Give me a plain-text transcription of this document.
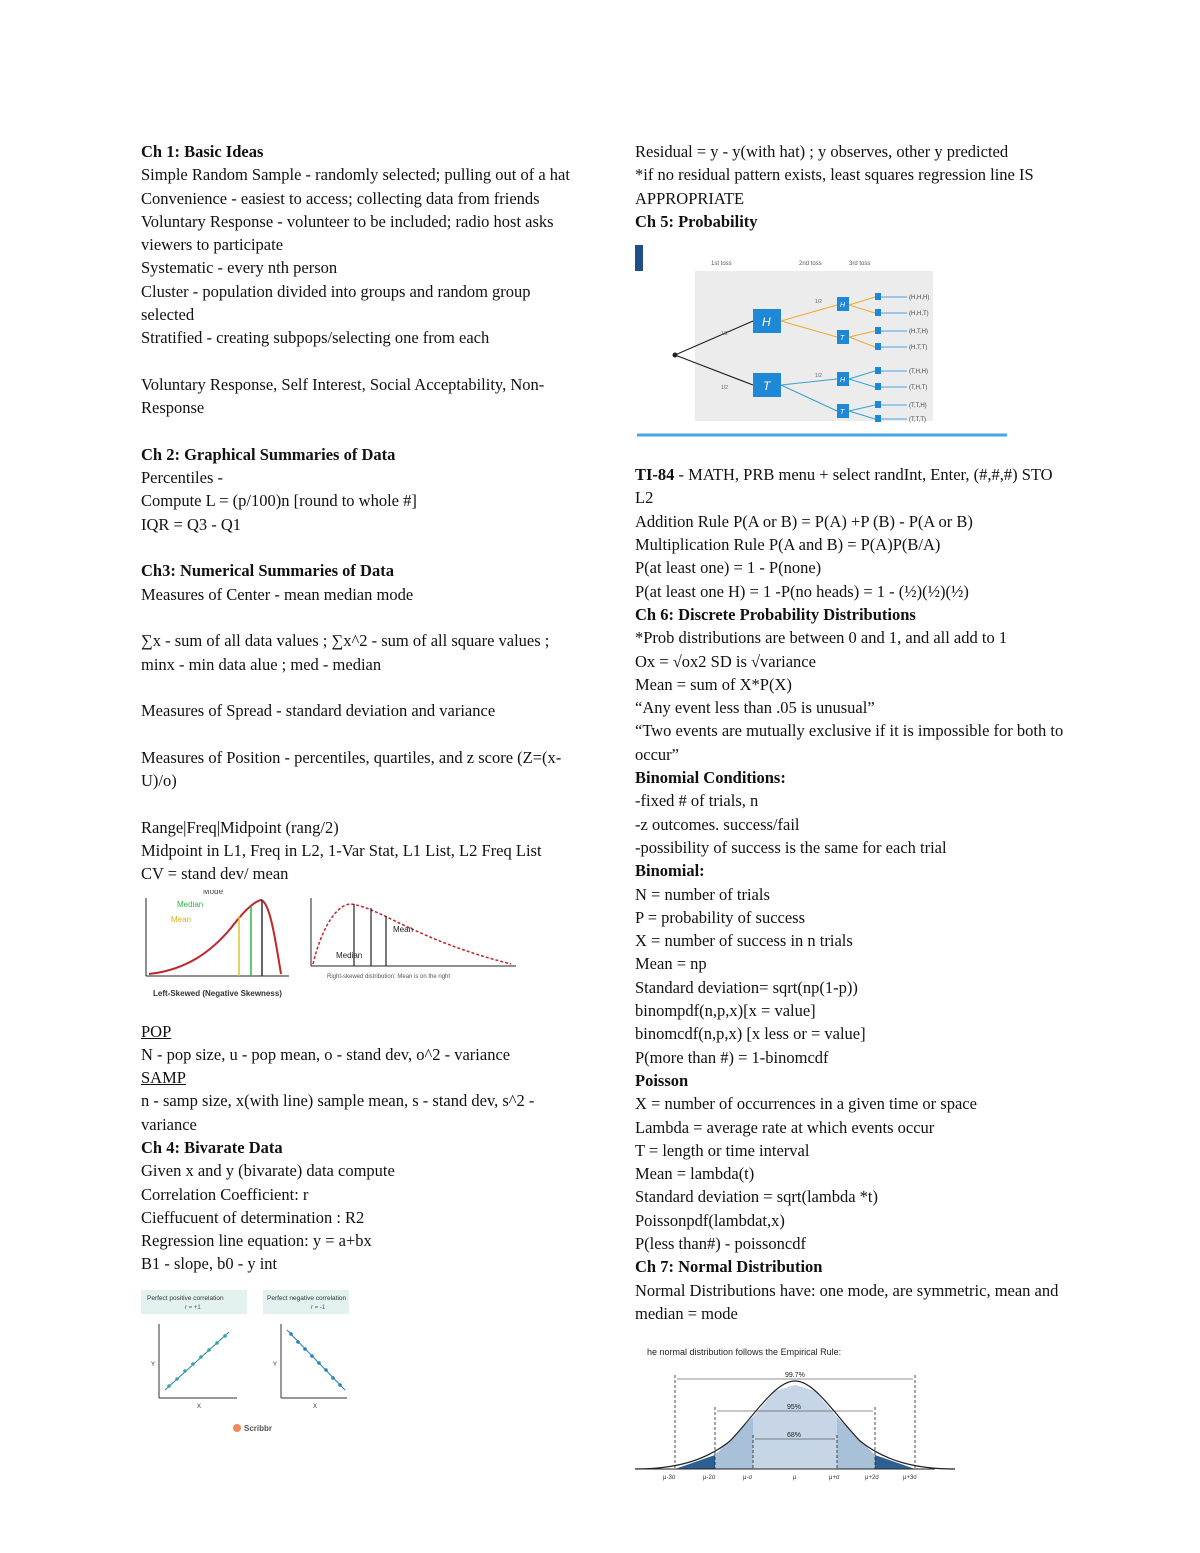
Ch 1: Basic Ideas

Simple Random Sample - randomly selected; pulling out of a hat

Convenience - easiest to access; collecting data from friends

Voluntary Response - volunteer to be included; radio host asks viewers to participate

Systematic - every nth person

Cluster - population divided into groups and random group selected

Stratified - creating subpops/selecting one from each

Voluntary Response, Self Interest, Social Acceptability, Non-Response

Ch 2: Graphical Summaries of Data

Percentiles -

Compute L = (p/100)n [round to whole #]

IQR = Q3 - Q1

Ch3: Numerical Summaries of Data

Measures of Center - mean median mode

∑x - sum of all data values ; ∑x^2 - sum of all square values ; minx - min data alue ; med - median

Measures of Spread - standard deviation and variance

Measures of Position - percentiles, quartiles, and z score (Z=(x-U)/o)

Range|Freq|Midpoint (rang/2)

Midpoint in L1, Freq in L2, 1-Var Stat, L1 List, L2 Freq List

CV = stand dev/ mean

Mode
Median
Mean
Left-Skewed (Negative Skewness)
Mean
Median
Right-skewed distribution: Mean is on the right

POP

N - pop size, u - pop mean, o - stand dev, o^2 - variance

SAMP

n - samp size, x(with line) sample mean, s - stand dev, s^2 - variance

Ch 4: Bivarate Data

Given x and y (bivarate) data compute

Correlation Coefficient: r

Cieffucuent of determination : R2

Regression line equation: y = a+bx

B1 - slope, b0 - y int

Perfect positive correlation
r = +1
Y
X
Perfect negative correlation
r = -1
Y
X
Scribbr

Residual = y - y(with hat) ; y observes, other y predicted

*if no residual pattern exists, least squares regression line IS APPROPRIATE

Ch 5: Probability

1st toss	2nd toss	3rd toss
H
T
H
T
H
T
(H,H,H)
(H,H,T)
(H,T,H)
(H,T,T)
(T,H,H)
(T,H,T)
(T,T,H)
(T,T,T)
1/2
1/2
1/2
1/2

TI-84 - MATH, PRB menu + select randInt, Enter, (#,#,#) STO L2

Addition Rule P(A or B) = P(A) +P (B) - P(A or B)

Multiplication Rule P(A and B) = P(A)P(B/A)

P(at least one) = 1 - P(none)

P(at least one H) = 1 -P(no heads) = 1 - (½)(½)(½)

Ch 6: Discrete Probability Distributions

*Prob distributions are between 0 and 1, and all add to 1

Ox = √ox2 SD is √variance

Mean = sum of X*P(X)

“Any event less than .05 is unusual”

“Two events are mutually exclusive if it is impossible for both to occur”

Binomial Conditions:

-fixed # of trials, n

-z outcomes. success/fail

-possibility of success is the same for each trial

Binomial:

N = number of trials

P = probability of success

X = number of success in n trials

Mean = np

Standard deviation= sqrt(np(1-p))

binompdf(n,p,x)[x = value]

binomcdf(n,p,x) [x less or = value]

P(more than #) = 1-binomcdf

Poisson

X = number of occurrences in a given time or space

Lambda = average rate at which events occur

T = length or time interval

Mean = lambda(t)

Standard deviation = sqrt(lambda *t)

Poissonpdf(lambdat,x)

P(less than#) - poissoncdf

Ch 7: Normal Distribution

Normal Distributions have: one mode, are symmetric, mean and median = mode

he normal distribution follows the Empirical Rule:
99.7%
95%
68%
μ-3σ	μ-2σ	μ-σ	μ	μ+σ	μ+2σ	μ+3σ
